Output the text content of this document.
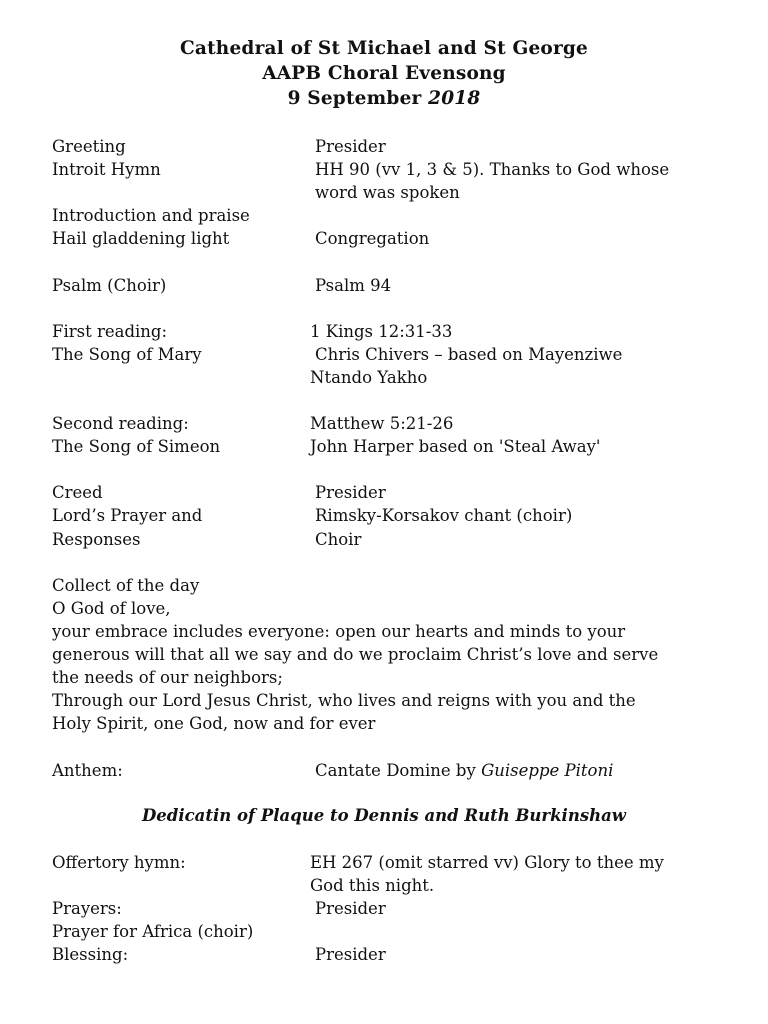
Cathedral of St Michael and St George
AAPB Choral Evensong
9 September 2018
Greeting	Presider
Introit Hymn	HH 90 (vv 1, 3 & 5). Thanks to God whose
word was spoken
Introduction and praise
Hail gladdening light	Congregation
Psalm (Choir)	Psalm 94
First reading:	1 Kings 12:31-33
The Song of Mary	Chris Chivers – based on Mayenziwe
Ntando Yakho
Second reading:	Matthew 5:21-26
The Song of Simeon	John Harper based on 'Steal Away'
Creed	Presider
Lord’s Prayer and	Rimsky-Korsakov chant (choir)
Responses	Choir
Collect of the day
O God of love,
your embrace includes everyone: open our hearts and minds to your
generous will that all we say and do we proclaim Christ’s love and serve
the needs of our neighbors;
Through our Lord Jesus Christ, who lives and reigns with you and the
Holy Spirit, one God, now and for ever
Anthem:	Cantate Domine by Guiseppe Pitoni
Dedicatin of Plaque to Dennis and Ruth Burkinshaw
Offertory hymn:	EH 267 (omit starred vv) Glory to thee my
God this night.
Prayers:	Presider
Prayer for Africa (choir)
Blessing:	Presider
